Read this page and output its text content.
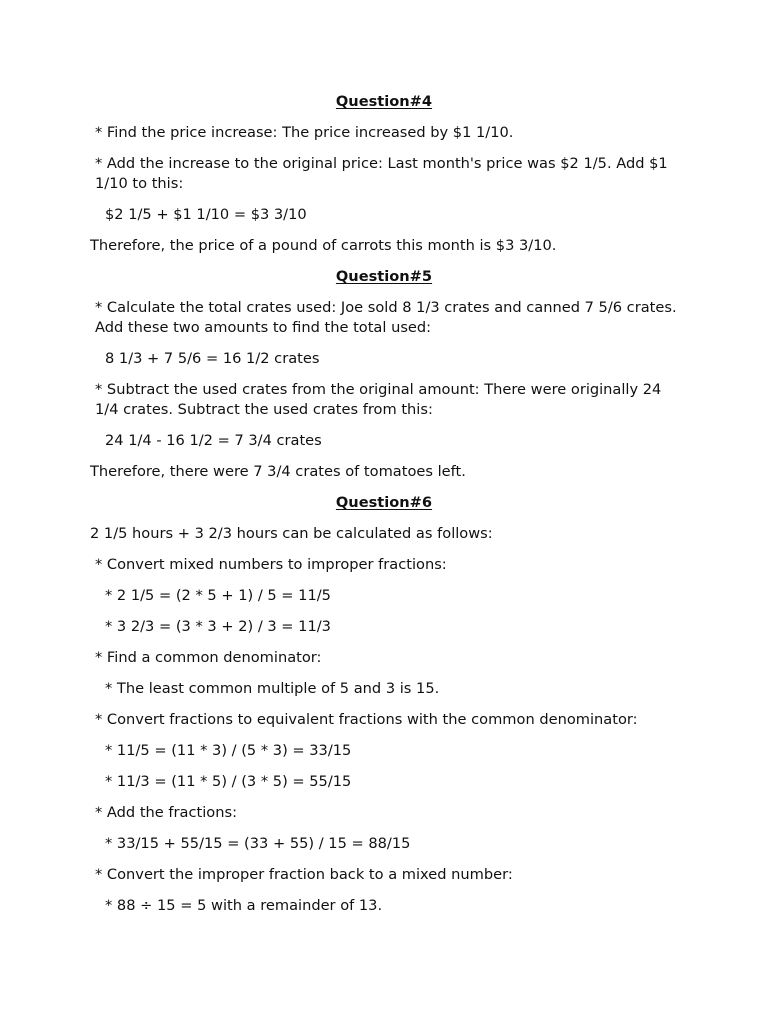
Question#4
* Find the price increase: The price increased by $1 1/10.
* Add the increase to the original price: Last month's price was $2 1/5. Add $1 1/10 to this:
$2 1/5 + $1 1/10 = $3 3/10
Therefore, the price of a pound of carrots this month is $3 3/10.
Question#5
* Calculate the total crates used: Joe sold 8 1/3 crates and canned 7 5/6 crates. Add these two amounts to find the total used:
8 1/3 + 7 5/6 = 16 1/2 crates
* Subtract the used crates from the original amount: There were originally 24 1/4 crates. Subtract the used crates from this:
24 1/4 - 16 1/2 = 7 3/4 crates
Therefore, there were 7 3/4 crates of tomatoes left.
Question#6
2 1/5 hours + 3 2/3 hours can be calculated as follows:
* Convert mixed numbers to improper fractions:
* 2 1/5 = (2 * 5 + 1) / 5 = 11/5
* 3 2/3 = (3 * 3 + 2) / 3 = 11/3
* Find a common denominator:
* The least common multiple of 5 and 3 is 15.
* Convert fractions to equivalent fractions with the common denominator:
* 11/5 = (11 * 3) / (5 * 3) = 33/15
* 11/3 = (11 * 5) / (3 * 5) = 55/15
* Add the fractions:
* 33/15 + 55/15 = (33 + 55) / 15 = 88/15
* Convert the improper fraction back to a mixed number:
* 88 ÷ 15 = 5 with a remainder of 13.
